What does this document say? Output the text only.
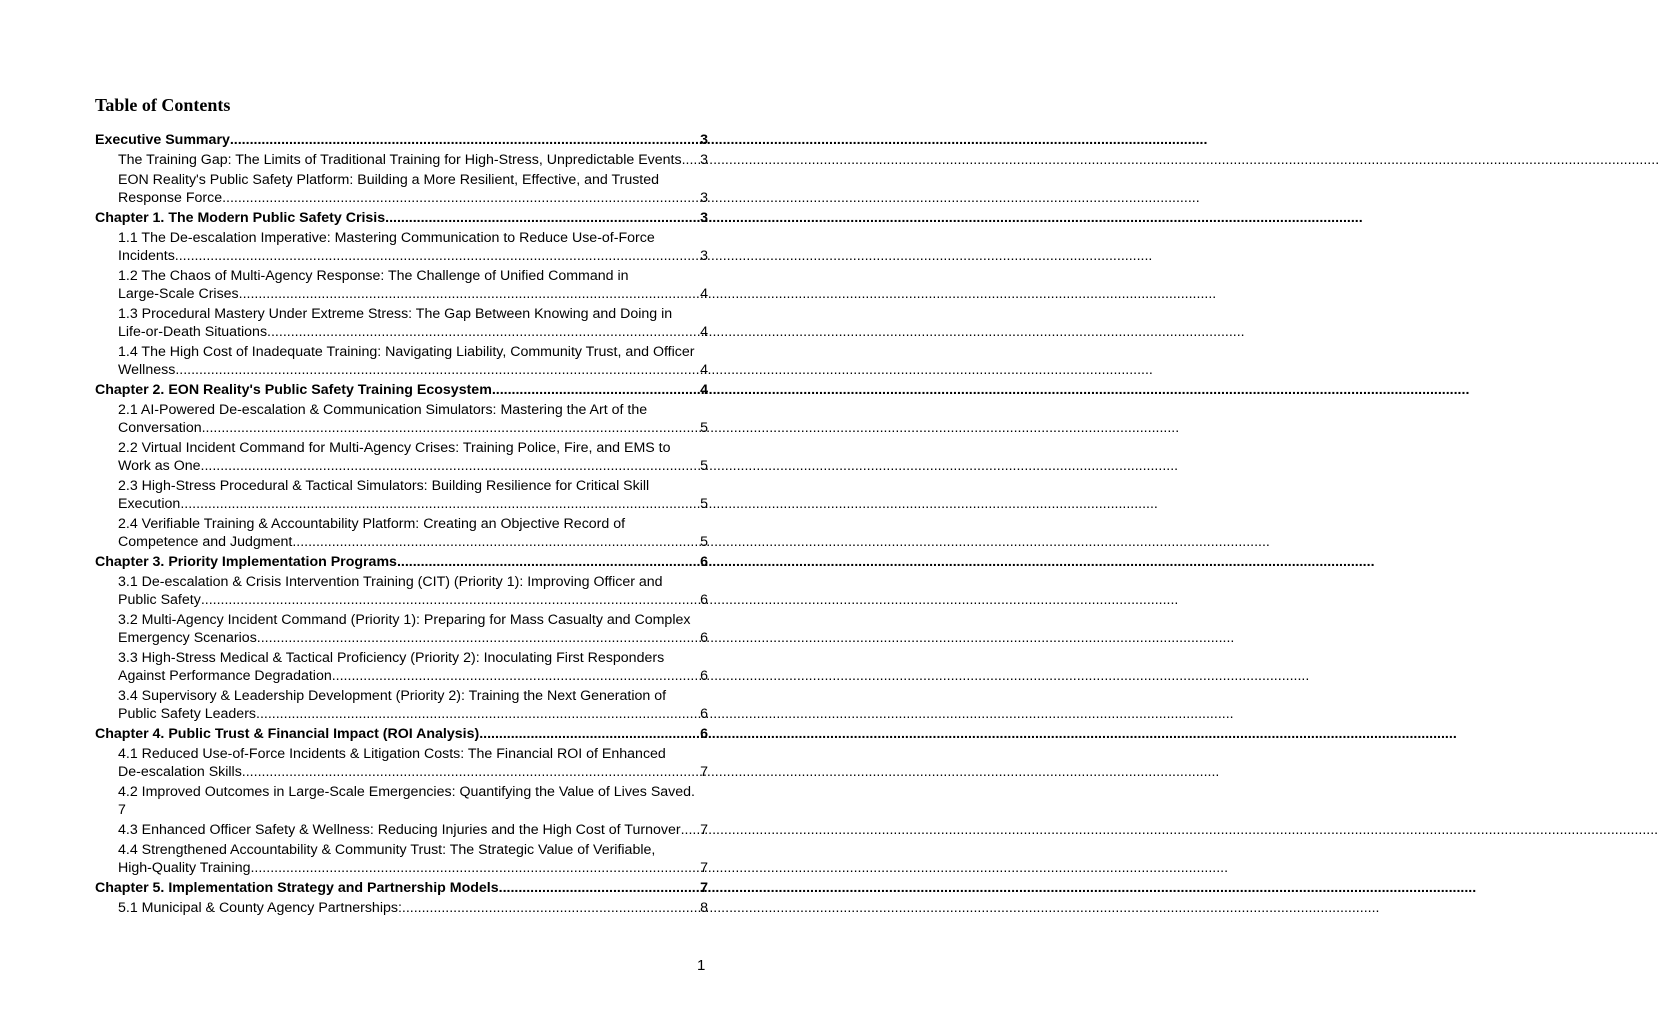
Table of Contents
Executive Summary .....	3
The Training Gap: The Limits of Traditional Training for High-Stress, Unpredictable Events ..... 3
EON Reality's Public Safety Platform: Building a More Resilient, Effective, and Trusted
Response Force .....	3
Chapter 1. The Modern Public Safety Crisis .....	3
1.1 The De-escalation Imperative: Mastering Communication to Reduce Use-of-Force
Incidents .....	3
1.2 The Chaos of Multi-Agency Response: The Challenge of Unified Command in
Large-Scale Crises .....	4
1.3 Procedural Mastery Under Extreme Stress: The Gap Between Knowing and Doing in
Life-or-Death Situations .....	4
1.4 The High Cost of Inadequate Training: Navigating Liability, Community Trust, and Officer
Wellness .....	4
Chapter 2. EON Reality's Public Safety Training Ecosystem .....	4
2.1 AI-Powered De-escalation & Communication Simulators: Mastering the Art of the
Conversation .....	5
2.2 Virtual Incident Command for Multi-Agency Crises: Training Police, Fire, and EMS to
Work as One .....	5
2.3 High-Stress Procedural & Tactical Simulators: Building Resilience for Critical Skill
Execution .....	5
2.4 Verifiable Training & Accountability Platform: Creating an Objective Record of
Competence and Judgment .....	5
Chapter 3. Priority Implementation Programs .....	6
3.1 De-escalation & Crisis Intervention Training (CIT) (Priority 1): Improving Officer and
Public Safety .....	6
3.2 Multi-Agency Incident Command (Priority 1): Preparing for Mass Casualty and Complex
Emergency Scenarios .....	6
3.3 High-Stress Medical & Tactical Proficiency (Priority 2): Inoculating First Responders
Against Performance Degradation .....	6
3.4 Supervisory & Leadership Development (Priority 2): Training the Next Generation of
Public Safety Leaders .....	6
Chapter 4. Public Trust & Financial Impact (ROI Analysis) .....	6
4.1 Reduced Use-of-Force Incidents & Litigation Costs: The Financial ROI of Enhanced
De-escalation Skills .....	7
4.2 Improved Outcomes in Large-Scale Emergencies: Quantifying the Value of Lives Saved.
7
4.3 Enhanced Officer Safety & Wellness: Reducing Injuries and the High Cost of Turnover ..... 7
4.4 Strengthened Accountability & Community Trust: The Strategic Value of Verifiable,
High-Quality Training .....	7
Chapter 5. Implementation Strategy and Partnership Models .....	7
5.1 Municipal & County Agency Partnerships: .....	8
1
